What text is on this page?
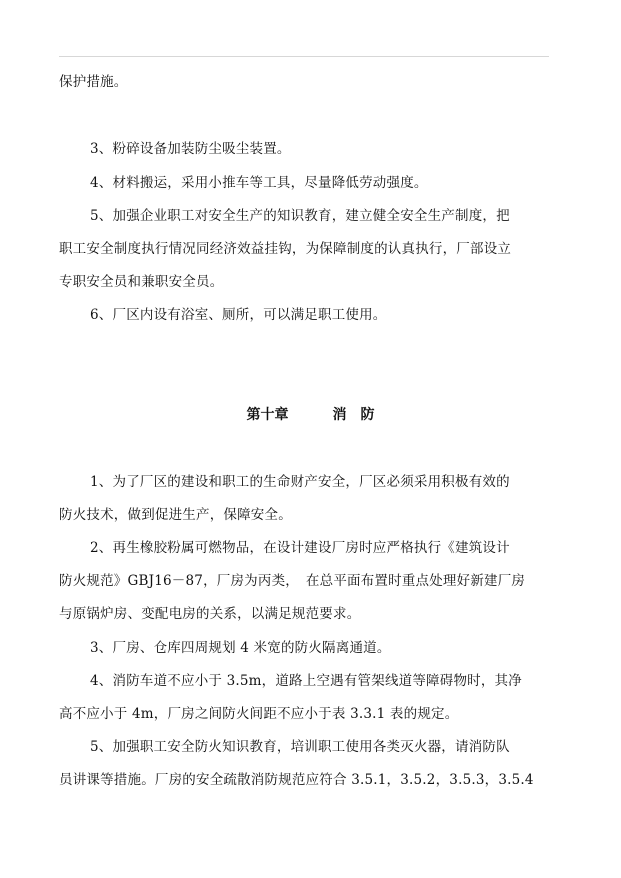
保护措施。
3、粉碎设备加装防尘吸尘装置。
4、材料搬运，采用小推车等工具，尽量降低劳动强度。
5、加强企业职工对安全生产的知识教育，建立健全安全生产制度，把
职工安全制度执行情况同经济效益挂钩，为保障制度的认真执行，厂部设立
专职安全员和兼职安全员。
6、厂区内设有浴室、厕所，可以满足职工使用。
第十章	消 防
1、为了厂区的建设和职工的生命财产安全，厂区必须采用积极有效的
防火技术，做到促进生产，保障安全。
2、再生橡胶粉属可燃物品，在设计建设厂房时应严格执行《建筑设计
防火规范》GBJ16－87，厂房为丙类，　在总平面布置时重点处理好新建厂房
与原锅炉房、变配电房的关系，以满足规范要求。
3、厂房、仓库四周规划 4 米宽的防火隔离通道。
4、消防车道不应小于 3.5m，道路上空遇有管架线道等障碍物时，其净
高不应小于 4m，厂房之间防火间距不应小于表 3.3.1 表的规定。
5、加强职工安全防火知识教育，培训职工使用各类灭火器，请消防队
员讲课等措施。厂房的安全疏散消防规范应符合 3.5.1，3.5.2，3.5.3，3.5.4
